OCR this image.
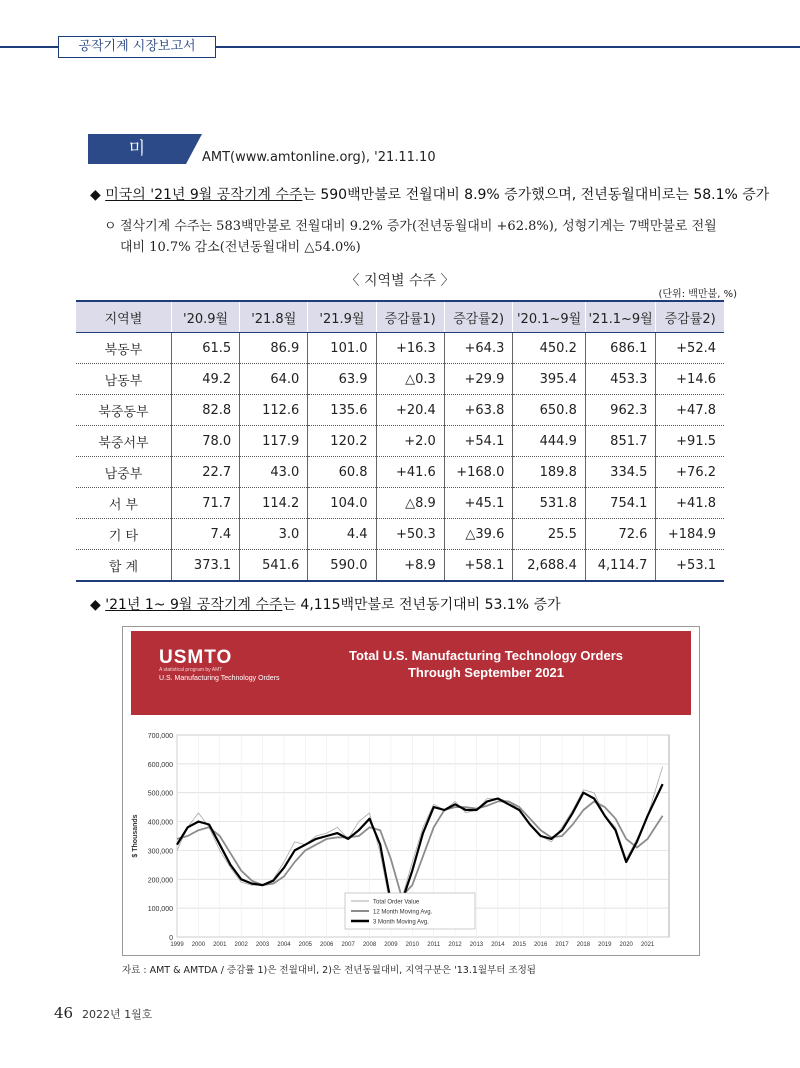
공작기계 시장보고서
미 국
AMT(www.amtonline.org), '21.11.10
◆ 미국의 '21년 9월 공작기계 수주는 590백만불로 전월대비 8.9% 증가했으며, 전년동월대비로는 58.1% 증가
ㅇ 절삭기계 수주는 583백만불로 전월대비 9.2% 증가(전년동월대비 +62.8%), 성형기계는 7백만불로 전월대비 10.7% 감소(전년동월대비 △54.0%)
〈 지역별 수주 〉
(단위: 백만불, %)
지역별	'20.9월	'21.8월	'21.9월	증감률1)	증감률2)	'20.1~9월	'21.1~9월	증감률2)
북동부	61.5	86.9	101.0	+16.3	+64.3	450.2	686.1	+52.4
남동부	49.2	64.0	63.9	△0.3	+29.9	395.4	453.3	+14.6
북중동부	82.8	112.6	135.6	+20.4	+63.8	650.8	962.3	+47.8
북중서부	78.0	117.9	120.2	+2.0	+54.1	444.9	851.7	+91.5
남중부	22.7	43.0	60.8	+41.6	+168.0	189.8	334.5	+76.2
서 부	71.7	114.2	104.0	△8.9	+45.1	531.8	754.1	+41.8
기 타	7.4	3.0	4.4	+50.3	△39.6	25.5	72.6	+184.9
합 계	373.1	541.6	590.0	+8.9	+58.1	2,688.4	4,114.7	+53.1
◆ '21년 1~ 9월 공작기계 수주는 4,115백만불로 전년동기대비 53.1% 증가
USMTO
A statistical program by AMT
U.S. Manufacturing Technology Orders
Total U.S. Manufacturing Technology Orders
Through September 2021
0
100,000
200,000
300,000
400,000
500,000
600,000
700,000
1999 2000 2001 2002 2003 2004 2005 2006 2007 2008 2009 2010 2011 2012 2013 2014 2015 2016 2017 2018 2019 2020 2021
$ Thousands
Total Order Value
12 Month Moving Avg.
3 Month Moving Avg.
자료 : AMT & AMTDA / 증감률 1)은 전월대비, 2)은 전년동월대비, 지역구분은 '13.1월부터 조정됨
46 2022년 1월호
